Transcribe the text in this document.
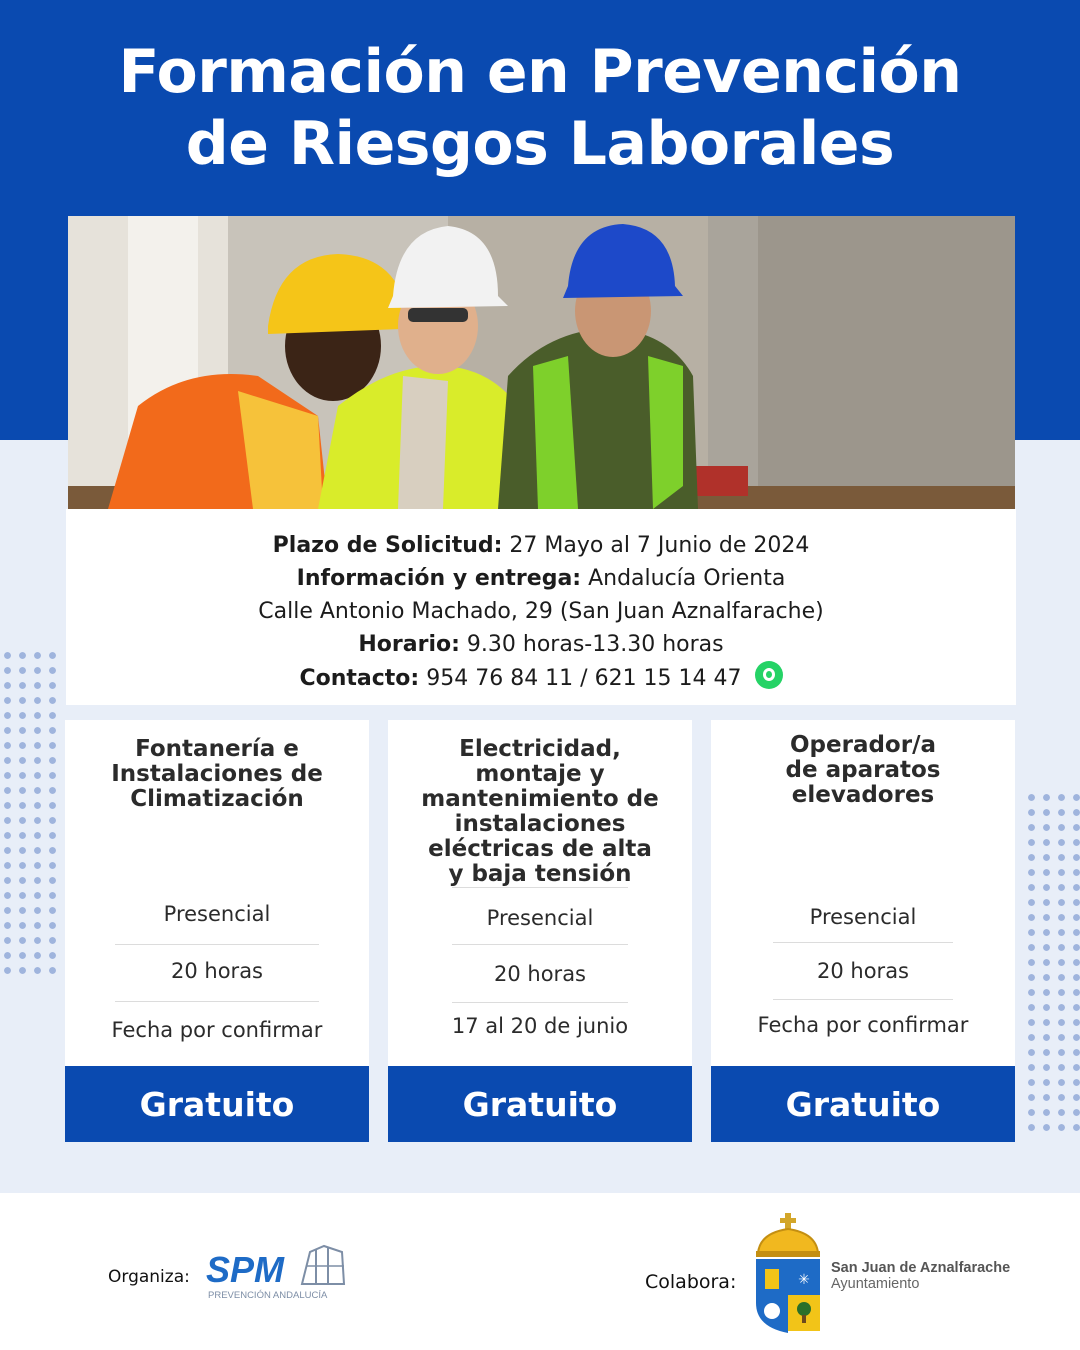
Formación en Prevención
de Riesgos Laborales
Plazo de Solicitud: 27 Mayo al 7 Junio de 2024
Información y entrega: Andalucía Orienta
Calle Antonio Machado, 29 (San Juan Aznalfarache)
Horario: 9.30 horas-13.30 horas
Contacto: 954 76 84 11 / 621 15 14 47
Fontanería e
Instalaciones de
Climatización
Presencial
20 horas
Fecha por confirmar
Gratuito
Electricidad,
montaje y
mantenimiento de
instalaciones
eléctricas de alta
y baja tensión
Presencial
20 horas
17 al 20 de junio
Gratuito
Operador/a
de aparatos
elevadores
Presencial
20 horas
Fecha por confirmar
Gratuito
Organiza: SPM
PREVENCIÓN ANDALUCÍA
Colabora:	✳
San Juan de Aznalfarache
Ayuntamiento
